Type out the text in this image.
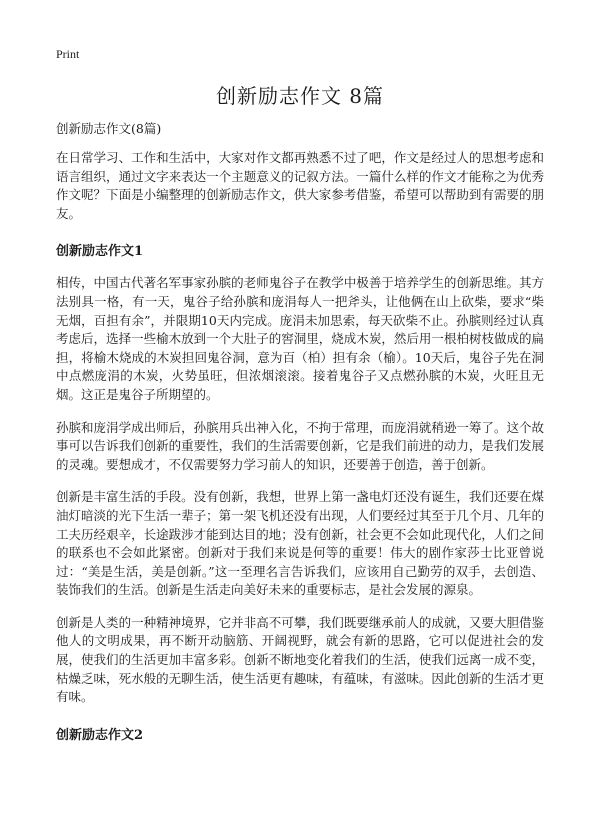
Print
创新励志作文 8篇
创新励志作文(8篇)

在日常学习、工作和生活中，大家对作文都再熟悉不过了吧，作文是经过人的思想考虑和语言组织，通过文字来表达一个主题意义的记叙方法。一篇什么样的作文才能称之为优秀作文呢？下面是小编整理的创新励志作文，供大家参考借鉴，希望可以帮助到有需要的朋友。

创新励志作文1

相传，中国古代著名军事家孙膑的老师鬼谷子在教学中极善于培养学生的创新思维。其方法别具一格，有一天，鬼谷子给孙膑和庞涓每人一把斧头，让他俩在山上砍柴，要求“柴无烟，百担有余”，并限期10天内完成。庞涓未加思索，每天砍柴不止。孙膑则经过认真考虑后，选择一些榆木放到一个大肚子的窖洞里，烧成木炭，然后用一根柏树枝做成的扁担，将榆木烧成的木炭担回鬼谷洞，意为百（柏）担有余（榆）。10天后，鬼谷子先在洞中点燃庞涓的木炭，火势虽旺，但浓烟滚滚。接着鬼谷子又点燃孙膑的木炭，火旺且无烟。这正是鬼谷子所期望的。

孙膑和庞涓学成出师后，孙膑用兵出神入化，不拘于常理，而庞涓就稍逊一筹了。这个故事可以告诉我们创新的重要性，我们的生活需要创新，它是我们前进的动力，是我们发展的灵魂。要想成才，不仅需要努力学习前人的知识，还要善于创造，善于创新。

创新是丰富生活的手段。没有创新，我想，世界上第一盏电灯还没有诞生，我们还要在煤油灯暗淡的光下生活一辈子；第一架飞机还没有出现，人们要经过其至于几个月、几年的工夫历经艰辛，长途跋涉才能到达目的地；没有创新，社会更不会如此现代化，人们之间的联系也不会如此紧密。创新对于我们来说是何等的重要！伟大的剧作家莎士比亚曾说过：“美是生活，美是创新。”这一至理名言告诉我们，应该用自己勤劳的双手，去创造、装饰我们的生活。创新是生活走向美好未来的重要标志，是社会发展的源泉。

创新是人类的一种精神境界，它并非高不可攀，我们既要继承前人的成就，又要大胆借鉴他人的文明成果，再不断开动脑筋、开阔视野，就会有新的思路，它可以促进社会的发展，使我们的生活更加丰富多彩。创新不断地变化着我们的生活，使我们远离一成不变，枯燥乏味，死水般的无聊生活，使生活更有趣味，有蕴味，有滋味。因此创新的生活才更有味。

创新励志作文2
